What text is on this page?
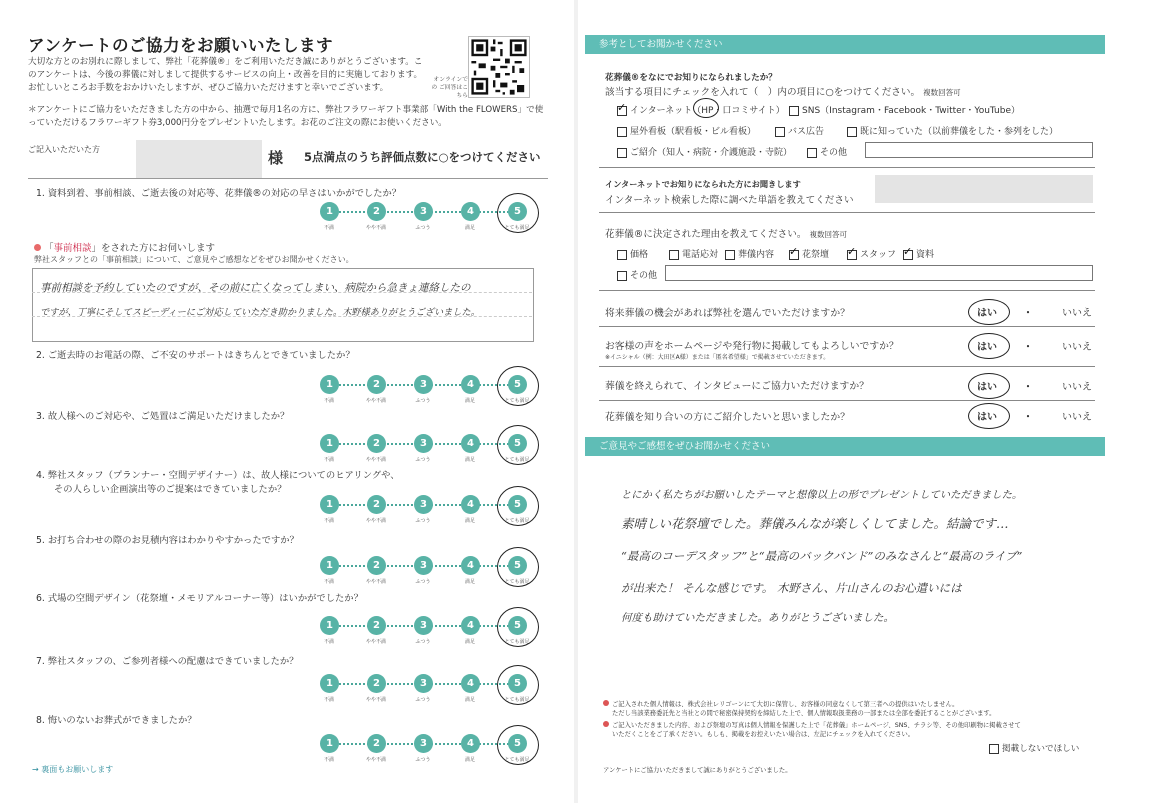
アンケートのご協力をお願いいたします
大切な方とのお別れに際しまして、弊社「花葬儀®」をご利用いただき誠にありがとうございます。このアンケートは、今後の葬儀に対しまして提供するサービスの向上・改善を目的に実施しております。お忙しいところお手数をおかけいたしますが、ぜひご協力いただけますと幸いでございます。
オンラインでの ご回答はこちら
＊アンケートにご協力をいただきました方の中から、抽選で毎月1名の方に、弊社フラワーギフト事業部「With the FLOWERS」で使っていただけるフラワーギフト券3,000円分をプレゼントいたします。お花のご注文の際にお使いください。
ご記入いただいた方	様 5点満点のうち評価点数に○をつけてください
1. 資料到着、事前相談、ご逝去後の対応等、花葬儀®の対応の早さはいかがでしたか？
1	2	3	4	5
不満	やや不満	ふつう	満足	とても満足
「事前相談」をされた方にお伺いします
弊社スタッフとの「事前相談」について、ご意見やご感想などをぜひお聞かせください。
事前相談を予約していたのですが、その前に亡くなってしまい、病院から急きょ連絡したの
ですが、丁寧にそしてスピーディーにご対応していただき助かりました。木野様ありがとうございました。
2. ご逝去時のお電話の際、ご不安のサポートはきちんとできていましたか？
1	2	3	4	5
不満	やや不満	ふつう	満足	とても満足
3. 故人様へのご対応や、ご処置はご満足いただけましたか？
1	2	3	4	5
不満	やや不満	ふつう	満足	とても満足
4. 弊社スタッフ（プランナー・空間デザイナー）は、故人様についてのヒアリングや、
その人らしい企画演出等のご提案はできていましたか？
1	2	3	4	5
不満	やや不満	ふつう	満足	とても満足
5. お打ち合わせの際のお見積内容はわかりやすかったですか？
1	2	3	4	5
不満	やや不満	ふつう	満足	とても満足
6. 式場の空間デザイン（花祭壇・メモリアルコーナー等）はいかがでしたか？
1	2	3	4	5
不満	やや不満	ふつう	満足	とても満足
7. 弊社スタッフの、ご参列者様への配慮はできていましたか？
1	2	3	4	5
不満	やや不満	ふつう	満足	とても満足
8. 悔いのないお葬式ができましたか？
1	2	3	4	5
不満	やや不満	ふつう	満足	とても満足
→ 裏面もお願いします
参考としてお聞かせください
花葬儀®をなにでお知りになられましたか？
該当する項目にチェックを入れて（　）内の項目に○をつけてください。 複数回答可
✓ インターネット（HP・口コミサイト）	SNS（Instagram・Facebook・Twitter・YouTube）
屋外看板（駅看板・ビル看板）	バス広告	既に知っていた（以前葬儀をした・参列をした）
ご紹介（知人・病院・介護施設・寺院）	その他
インターネットでお知りになられた方にお聞きします
インターネット検索した際に調べた単語を教えてください
花葬儀®に決定された理由を教えてください。 複数回答可
価格	電話応対	葬儀内容 ✓ 花祭壇 ✓ スタッフ ✓ 資料
その他
将来葬儀の機会があれば弊社を選んでいただけますか？	はい	・	いいえ
お客様の声をホームページや発行物に掲載してもよろしいですか？
※イニシャル（例：大田区A様）または「匿名希望様」で掲載させていただきます。
はい	・	いいえ
葬儀を終えられて、インタビューにご協力いただけますか？	はい	・	いいえ
花葬儀を知り合いの方にご紹介したいと思いましたか？	はい	・	いいえ
ご意見やご感想をぜひお聞かせください
とにかく私たちがお願いしたテーマと想像以上の形でプレゼントしていただきました。
素晴しい花祭壇でした。葬儀みんなが楽しくしてました。結論です…
“最高のコーデスタッフ”と“最高のバックバンド”のみなさんと“最高のライブ”
が出来た！ そんな感じです。 木野さん、片山さんのお心遣いには
何度も助けていただきました。ありがとうございました。
ご記入された個人情報は、株式会社レリゴーンにて大切に保管し、お客様の同意なくして第三者への提供はいたしません。
ただし当該業務委託先と当社との間で秘密保持契約を締結した上で、個人情報取扱業務の一部または全部を委託することがございます。
ご記入いただきました内容、および祭壇の写真は個人情報を保護した上で「花葬儀」ホームページ、SNS、チラシ等、その他印刷物に掲載させて
いただくことをご了承ください。もしも、掲載をお控えいたい場合は、左記にチェックを入れてください。
掲載しないでほしい
アンケートにご協力いただきまして誠にありがとうございました。
